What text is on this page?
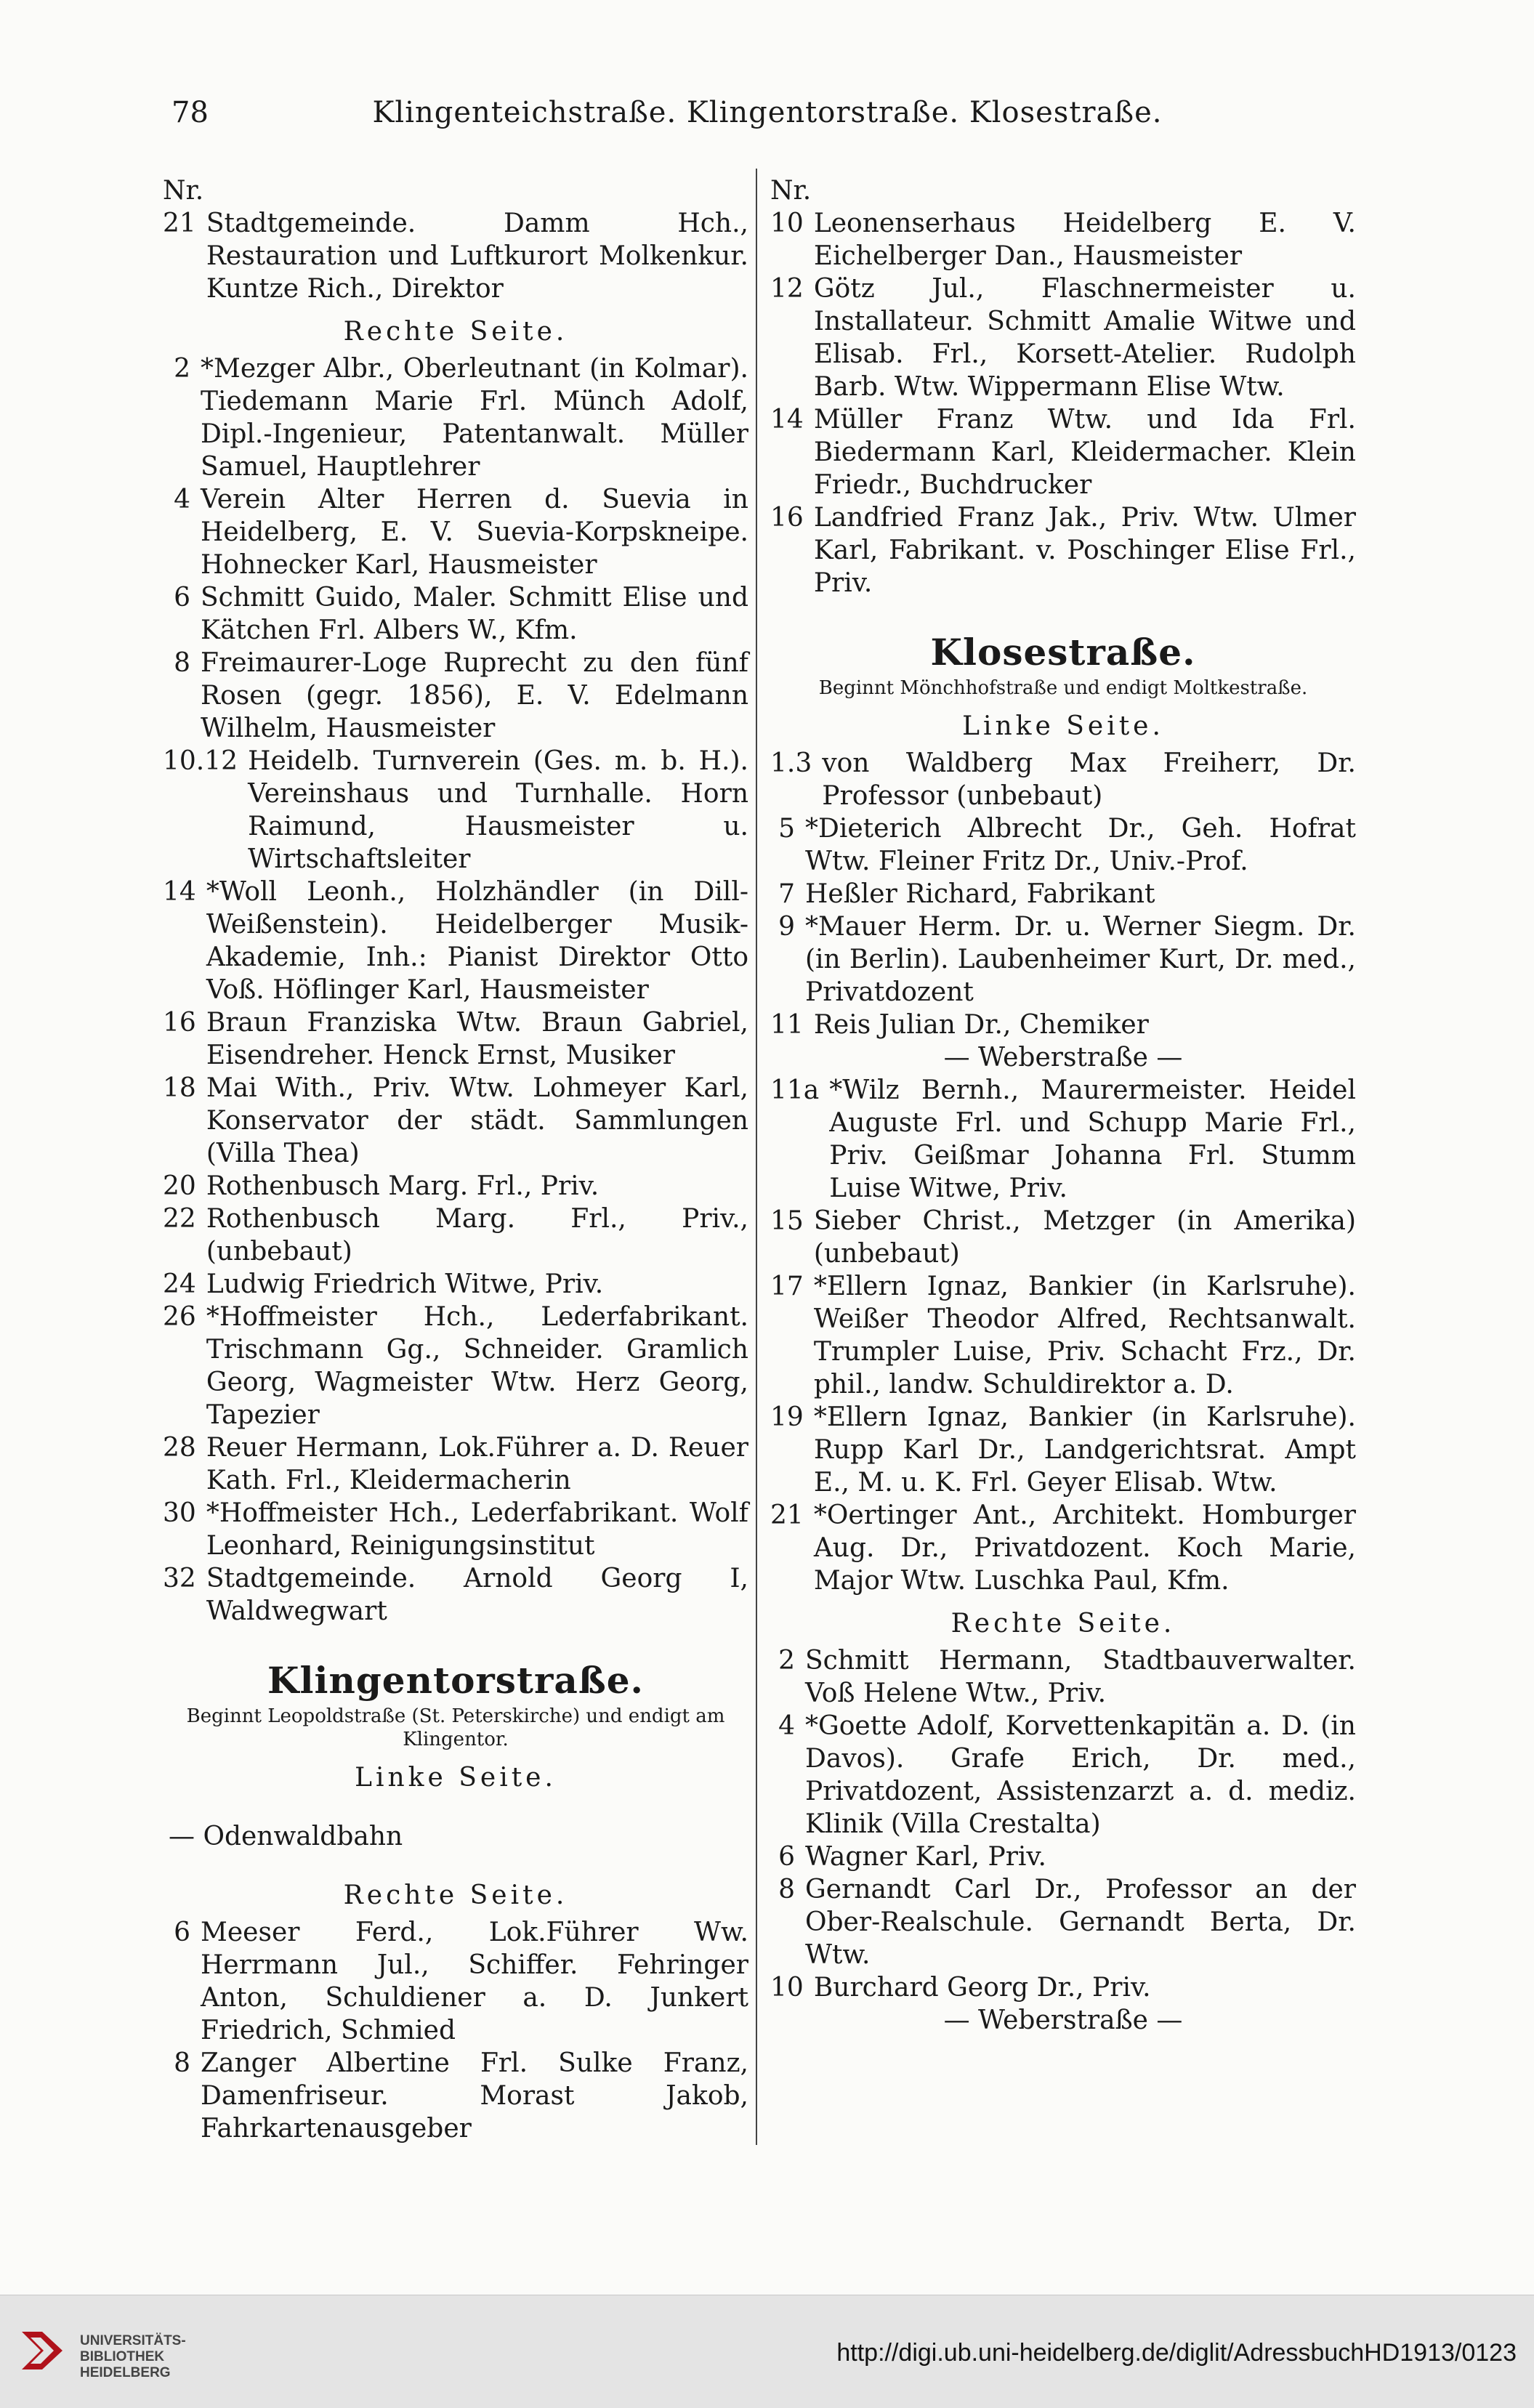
78	Klingenteichstraße. Klingentorstraße. Klosestraße.

Nr.

21 Stadtgemeinde. Damm Hch., Restauration und Luftkurort Molkenkur. Kuntze Rich., Direktor

Rechte Seite.

2 *Mezger Albr., Oberleutnant (in Kolmar). Tiedemann Marie Frl. Münch Adolf, Dipl.-Ingenieur, Patentanwalt. Müller Samuel, Hauptlehrer
4 Verein Alter Herren d. Suevia in Heidelberg, E. V. Suevia-Korpskneipe. Hohnecker Karl, Hausmeister
6 Schmitt Guido, Maler. Schmitt Elise und Kätchen Frl. Albers W., Kfm.
8 Freimaurer-Loge Ruprecht zu den fünf Rosen (gegr. 1856), E. V. Edelmann Wilhelm, Hausmeister
10.12 Heidelb. Turnverein (Ges. m. b. H.). Vereinshaus und Turnhalle. Horn Raimund, Hausmeister u. Wirtschaftsleiter
14 *Woll Leonh., Holzhändler (in Dill-Weißenstein). Heidelberger Musik-Akademie, Inh.: Pianist Direktor Otto Voß. Höflinger Karl, Hausmeister
16 Braun Franziska Wtw. Braun Gabriel, Eisendreher. Henck Ernst, Musiker
18 Mai With., Priv. Wtw. Lohmeyer Karl, Konservator der städt. Sammlungen (Villa Thea)
20 Rothenbusch Marg. Frl., Priv.
22 Rothenbusch Marg. Frl., Priv., (unbebaut)
24 Ludwig Friedrich Witwe, Priv.
26 *Hoffmeister Hch., Lederfabrikant. Trischmann Gg., Schneider. Gramlich Georg, Wagmeister Wtw. Herz Georg, Tapezier
28 Reuer Hermann, Lok.Führer a. D. Reuer Kath. Frl., Kleidermacherin
30 *Hoffmeister Hch., Lederfabrikant. Wolf Leonhard, Reinigungsinstitut
32 Stadtgemeinde. Arnold Georg I, Waldwegwart
Klingentorstraße.

Beginnt Leopoldstraße (St. Peterskirche) und endigt am Klingentor.

Linke Seite.

— Odenwaldbahn

Rechte Seite.

6 Meeser Ferd., Lok.Führer Ww. Herrmann Jul., Schiffer. Fehringer Anton, Schuldiener a. D. Junkert Friedrich, Schmied
8 Zanger Albertine Frl. Sulke Franz, Damenfriseur. Morast Jakob, Fahrkartenausgeber

Nr.

10 Leonenserhaus Heidelberg E. V. Eichelberger Dan., Hausmeister
12 Götz Jul., Flaschnermeister u. Installateur. Schmitt Amalie Witwe und Elisab. Frl., Korsett-Atelier. Rudolph Barb. Wtw. Wippermann Elise Wtw.
14 Müller Franz Wtw. und Ida Frl. Biedermann Karl, Kleidermacher. Klein Friedr., Buchdrucker
16 Landfried Franz Jak., Priv. Wtw. Ulmer Karl, Fabrikant. v. Poschinger Elise Frl., Priv.
Klosestraße.

Beginnt Mönchhofstraße und endigt Moltkestraße.

Linke Seite.

1.3 von Waldberg Max Freiherr, Dr. Professor (unbebaut)
5 *Dieterich Albrecht Dr., Geh. Hofrat Wtw. Fleiner Fritz Dr., Univ.-Prof.
7 Heßler Richard, Fabrikant
9 *Mauer Herm. Dr. u. Werner Siegm. Dr. (in Berlin). Laubenheimer Kurt, Dr. med., Privatdozent
11 Reis Julian Dr., Chemiker

— Weberstraße —

11a *Wilz Bernh., Maurermeister. Heidel Auguste Frl. und Schupp Marie Frl., Priv. Geißmar Johanna Frl. Stumm Luise Witwe, Priv.
15 Sieber Christ., Metzger (in Amerika) (unbebaut)
17 *Ellern Ignaz, Bankier (in Karlsruhe). Weißer Theodor Alfred, Rechtsanwalt. Trumpler Luise, Priv. Schacht Frz., Dr. phil., landw. Schuldirektor a. D.
19 *Ellern Ignaz, Bankier (in Karlsruhe). Rupp Karl Dr., Landgerichtsrat. Ampt E., M. u. K. Frl. Geyer Elisab. Wtw.
21 *Oertinger Ant., Architekt. Homburger Aug. Dr., Privatdozent. Koch Marie, Major Wtw. Luschka Paul, Kfm.

Rechte Seite.

2 Schmitt Hermann, Stadtbauverwalter. Voß Helene Wtw., Priv.
4 *Goette Adolf, Korvettenkapitän a. D. (in Davos). Grafe Erich, Dr. med., Privatdozent, Assistenzarzt a. d. mediz. Klinik (Villa Crestalta)
6 Wagner Karl, Priv.
8 Gernandt Carl Dr., Professor an der Ober-Realschule. Gernandt Berta, Dr. Wtw.
10 Burchard Georg Dr., Priv.

— Weberstraße —

UNIVERSITÄTS-
BIBLIOTHEK
HEIDELBERG
http://digi.ub.uni-heidelberg.de/diglit/AdressbuchHD1913/0123
